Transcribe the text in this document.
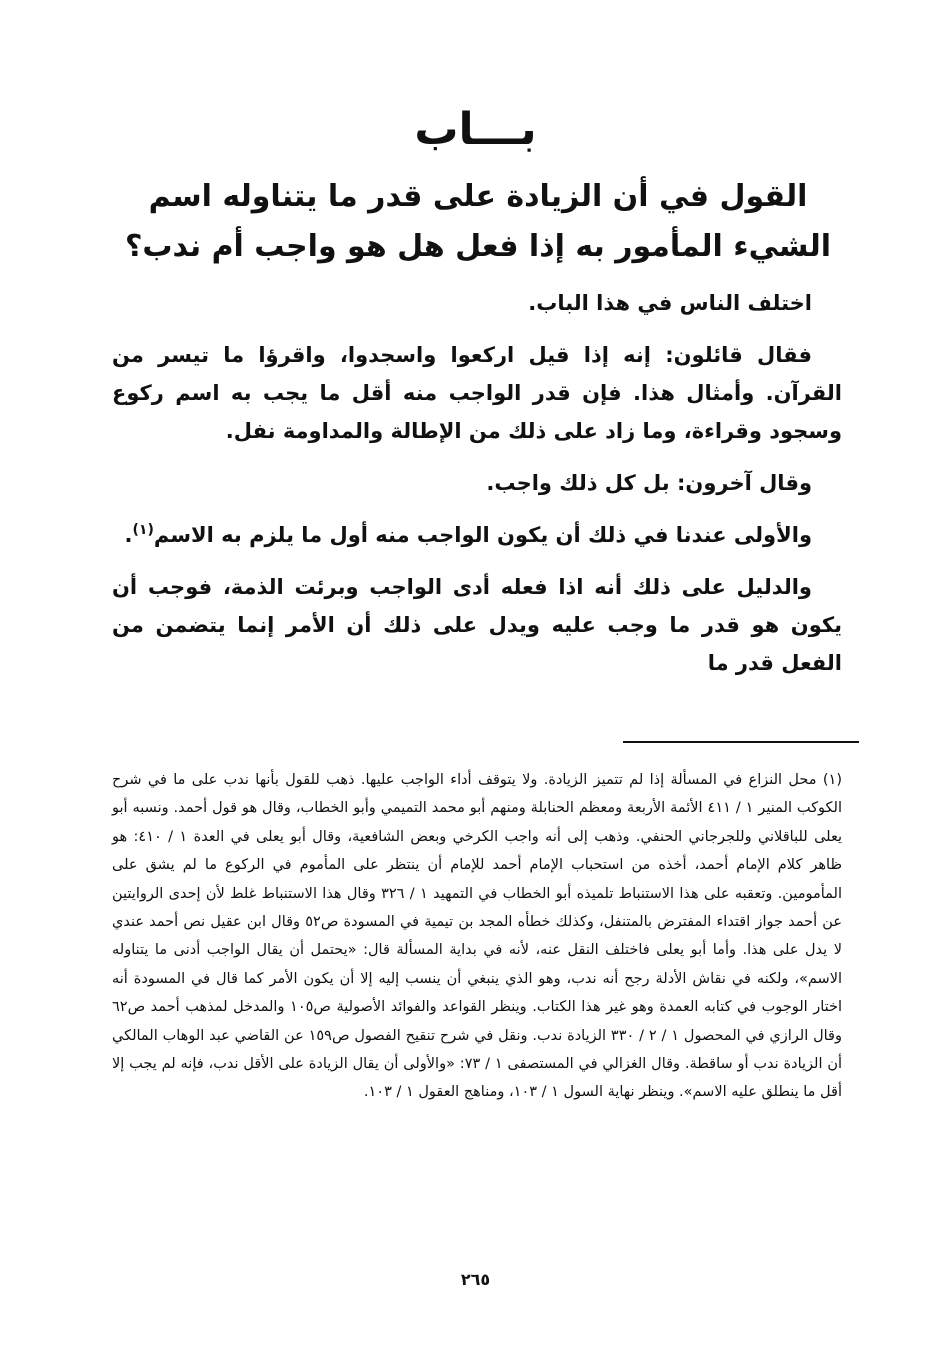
بـــاب
القول في أن الزيادة على قدر ما يتناوله اسم الشيء المأمور به إذا فعل هل هو واجب أم ندب؟

اختلف الناس في هذا الباب.

فقال قائلون: إنه إذا قيل اركعوا واسجدوا، واقرؤا ما تيسر من القرآن. وأمثال هذا. فإن قدر الواجب منه أقل ما يجب به اسم ركوع وسجود وقراءة، وما زاد على ذلك من الإطالة والمداومة نفل.

وقال آخرون: بل كل ذلك واجب.

والأولى عندنا في ذلك أن يكون الواجب منه أول ما يلزم به الاسم$^{(١)}$.

والدليل على ذلك أنه اذا فعله أدى الواجب وبرئت الذمة، فوجب أن يكون هو قدر ما وجب عليه ويدل على ذلك أن الأمر إنما يتضمن من الفعل قدر ما

(١) محل النزاع في المسألة إذا لم تتميز الزيادة. ولا يتوقف أداء الواجب عليها. ذهب للقول بأنها ندب على ما في شرح الكوكب المنير ١ / ٤١١ الأئمة الأربعة ومعظم الحنابلة ومنهم أبو محمد التميمي وأبو الخطاب، وقال هو قول أحمد. ونسبه أبو يعلى للباقلاني وللجرجاني الحنفي. وذهب إلى أنه واجب الكرخي وبعض الشافعية، وقال أبو يعلى في العدة ١ / ٤١٠: هو ظاهر كلام الإمام أحمد، أخذه من استحباب الإمام أحمد للإمام أن ينتظر على المأموم في الركوع ما لم يشق على المأمومين. وتعقبه على هذا الاستنباط تلميذه أبو الخطاب في التمهيد ١ / ٣٢٦ وقال هذا الاستنباط غلط لأن إحدى الروايتين عن أحمد جواز اقتداء المفترض بالمتنفل، وكذلك خطأه المجد بن تيمية في المسودة ص٥٢ وقال ابن عقيل نص أحمد عندي لا يدل على هذا. وأما أبو يعلى فاختلف النقل عنه، لأنه في بداية المسألة قال: «يحتمل أن يقال الواجب أدنى ما يتناوله الاسم»، ولكنه في نقاش الأدلة رجح أنه ندب، وهو الذي ينبغي أن ينسب إليه إلا أن يكون الأمر كما قال في المسودة أنه اختار الوجوب في كتابه العمدة وهو غير هذا الكتاب. وينظر القواعد والفوائد الأصولية ص١٠٥ والمدخل لمذهب أحمد ص٦٢ وقال الرازي في المحصول ١ / ٢ / ٣٣٠ الزيادة ندب. ونقل في شرح تنقيح الفصول ص١٥٩ عن القاضي عبد الوهاب المالكي أن الزيادة ندب أو ساقطة. وقال الغزالي في المستصفى ١ / ٧٣: «والأولى أن يقال الزيادة على الأقل ندب، فإنه لم يجب إلا أقل ما ينطلق عليه الاسم». وينظر نهاية السول ١ / ١٠٣، ومناهج العقول ١ / ١٠٣.
٢٦٥
